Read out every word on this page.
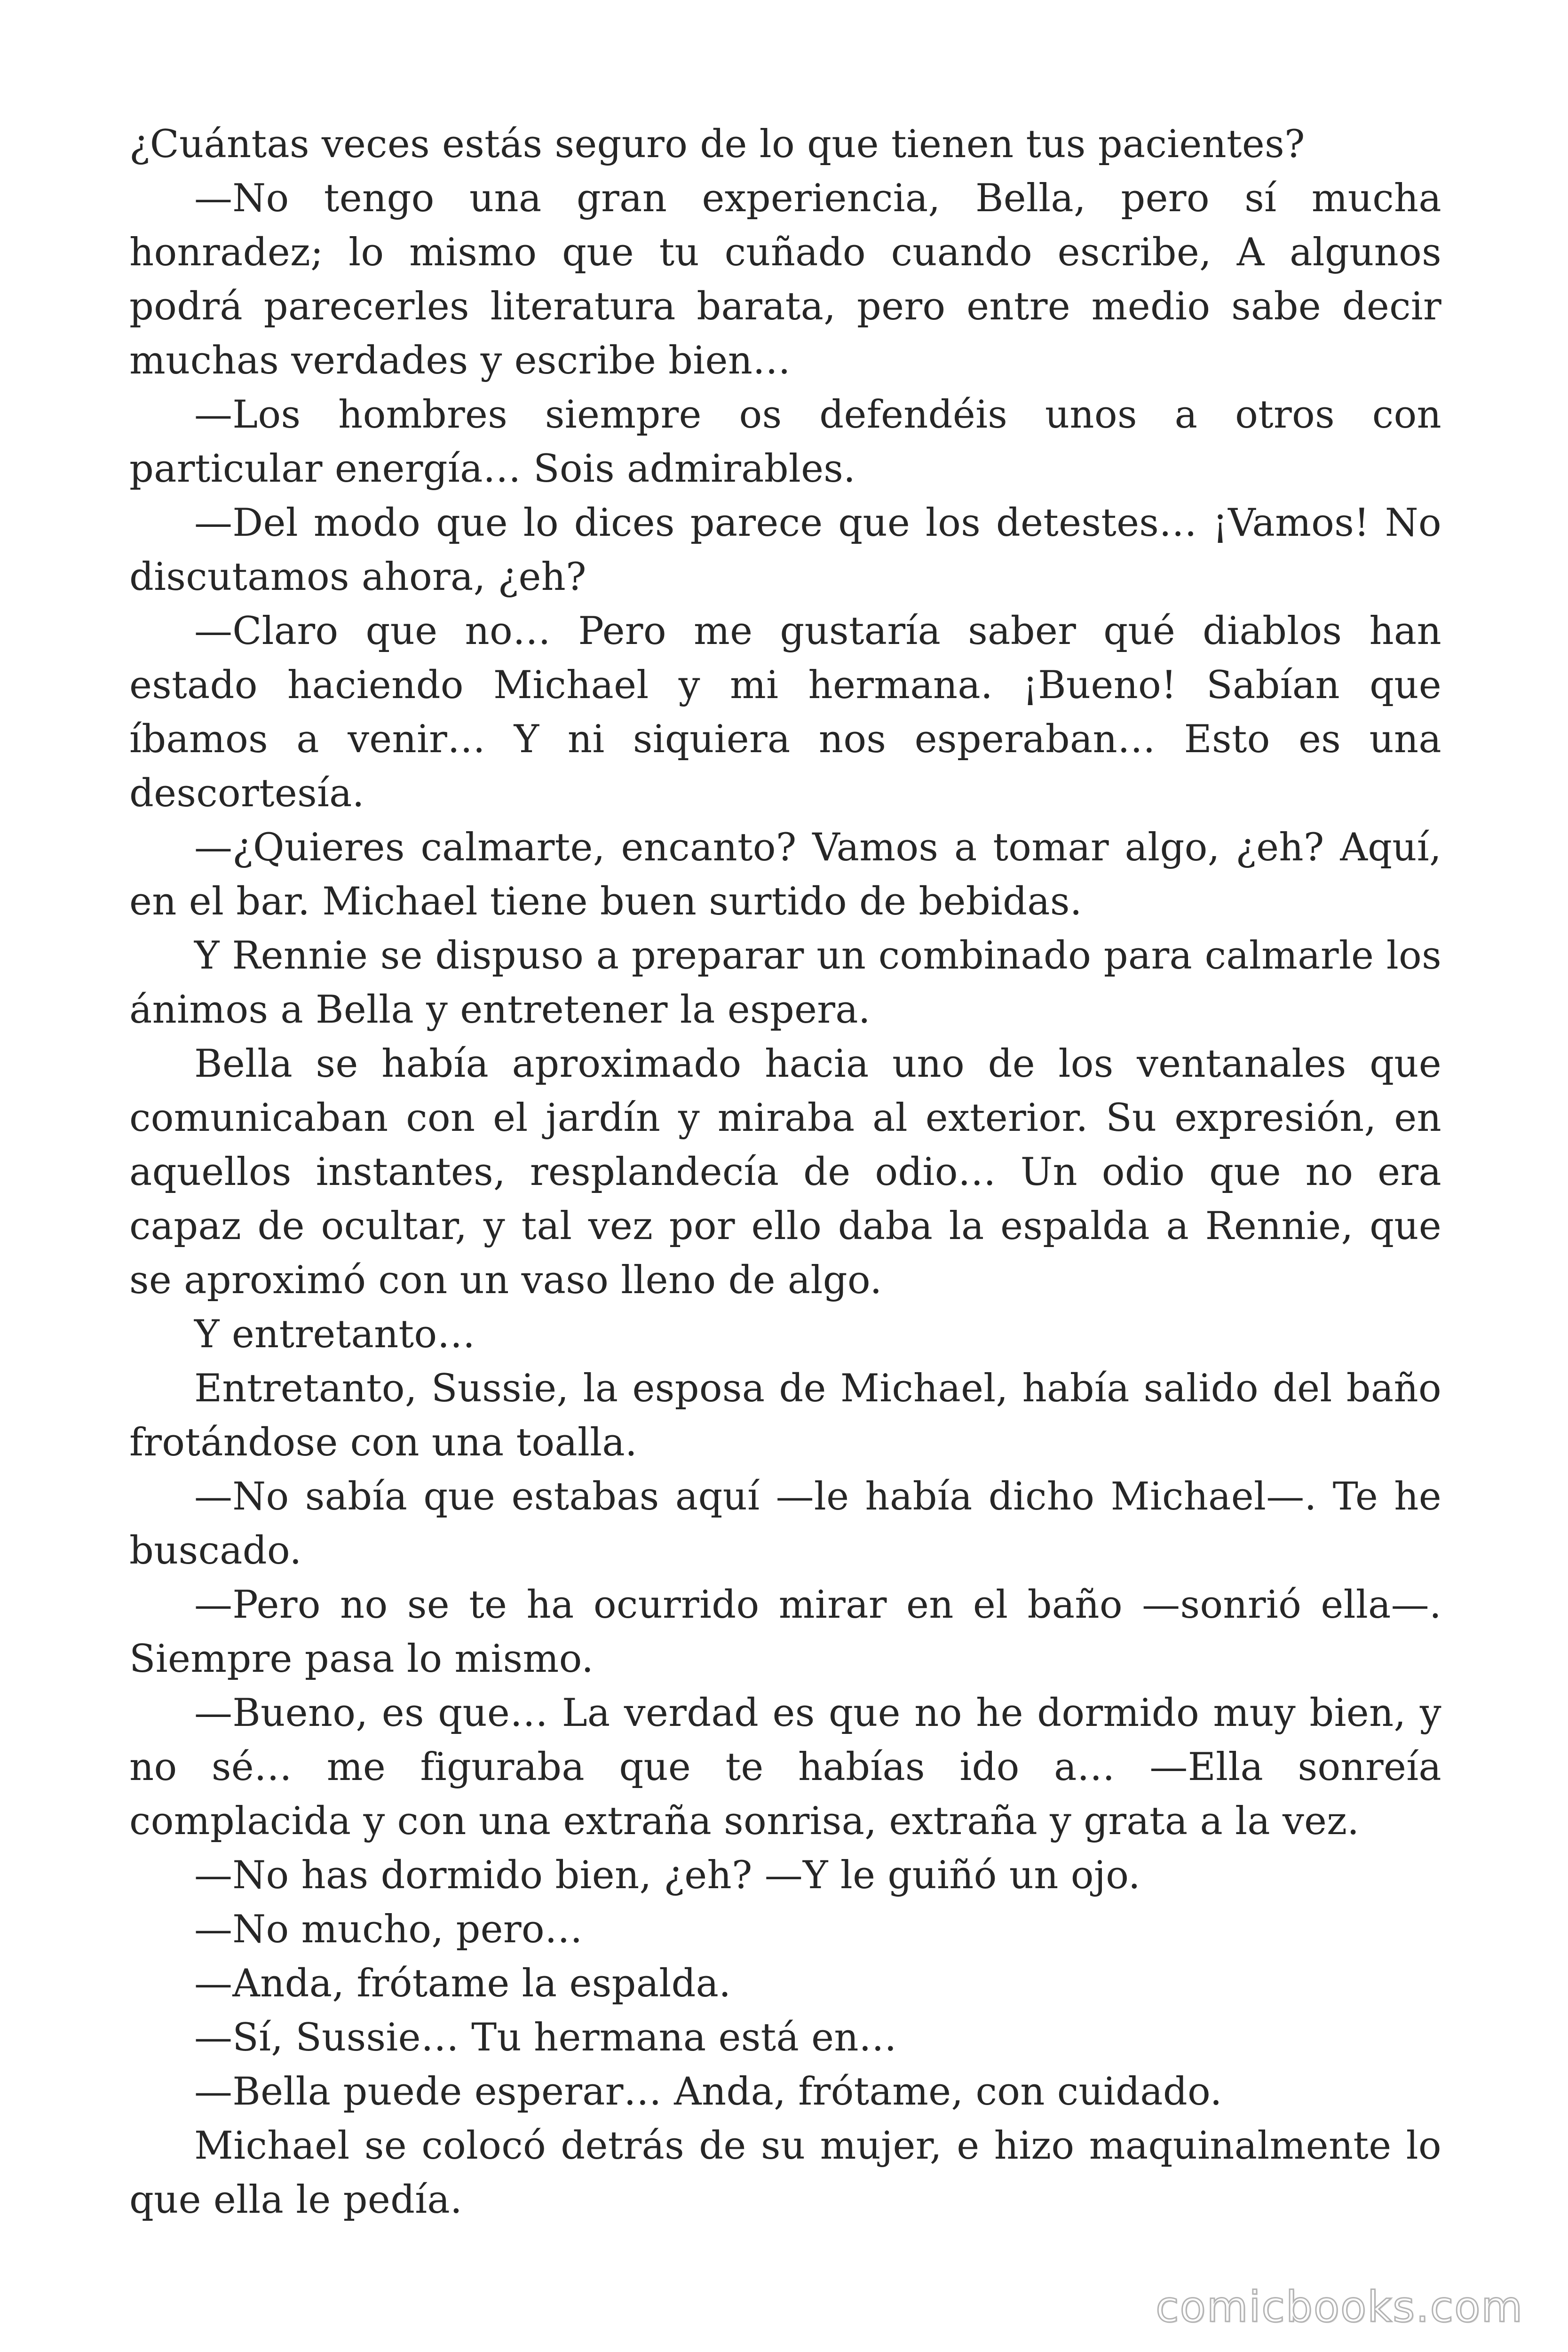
¿Cuántas veces estás seguro de lo que tienen tus pacientes?

—No tengo una gran experiencia, Bella, pero sí mucha honradez; lo mismo que tu cuñado cuando escribe, A algunos podrá parecerles literatura barata, pero entre medio sabe decir muchas verdades y escribe bien…

—Los hombres siempre os defendéis unos a otros con particular energía… Sois admirables.

—Del modo que lo dices parece que los detestes… ¡Vamos! No discutamos ahora, ¿eh?

—Claro que no… Pero me gustaría saber qué diablos han estado haciendo Michael y mi hermana. ¡Bueno! Sabían que íbamos a venir… Y ni siquiera nos esperaban… Esto es una descortesía.

—¿Quieres calmarte, encanto? Vamos a tomar algo, ¿eh? Aquí, en el bar. Michael tiene buen surtido de bebidas.

Y Rennie se dispuso a preparar un combinado para calmarle los ánimos a Bella y entretener la espera.

Bella se había aproximado hacia uno de los ventanales que comunicaban con el jardín y miraba al exterior. Su expresión, en aquellos instantes, resplandecía de odio… Un odio que no era capaz de ocultar, y tal vez por ello daba la espalda a Rennie, que se aproximó con un vaso lleno de algo.

Y entretanto…

Entretanto, Sussie, la esposa de Michael, había salido del baño frotándose con una toalla.

—No sabía que estabas aquí —le había dicho Michael—. Te he buscado.

—Pero no se te ha ocurrido mirar en el baño —sonrió ella—. Siempre pasa lo mismo.

—Bueno, es que… La verdad es que no he dormido muy bien, y no sé… me figuraba que te habías ido a… —Ella sonreía complacida y con una extraña sonrisa, extraña y grata a la vez.

—No has dormido bien, ¿eh? —Y le guiñó un ojo.

—No mucho, pero…

—Anda, frótame la espalda.

—Sí, Sussie… Tu hermana está en…

—Bella puede esperar… Anda, frótame, con cuidado.

Michael se colocó detrás de su mujer, e hizo maquinalmente lo que ella le pedía.

comicbooks.com
